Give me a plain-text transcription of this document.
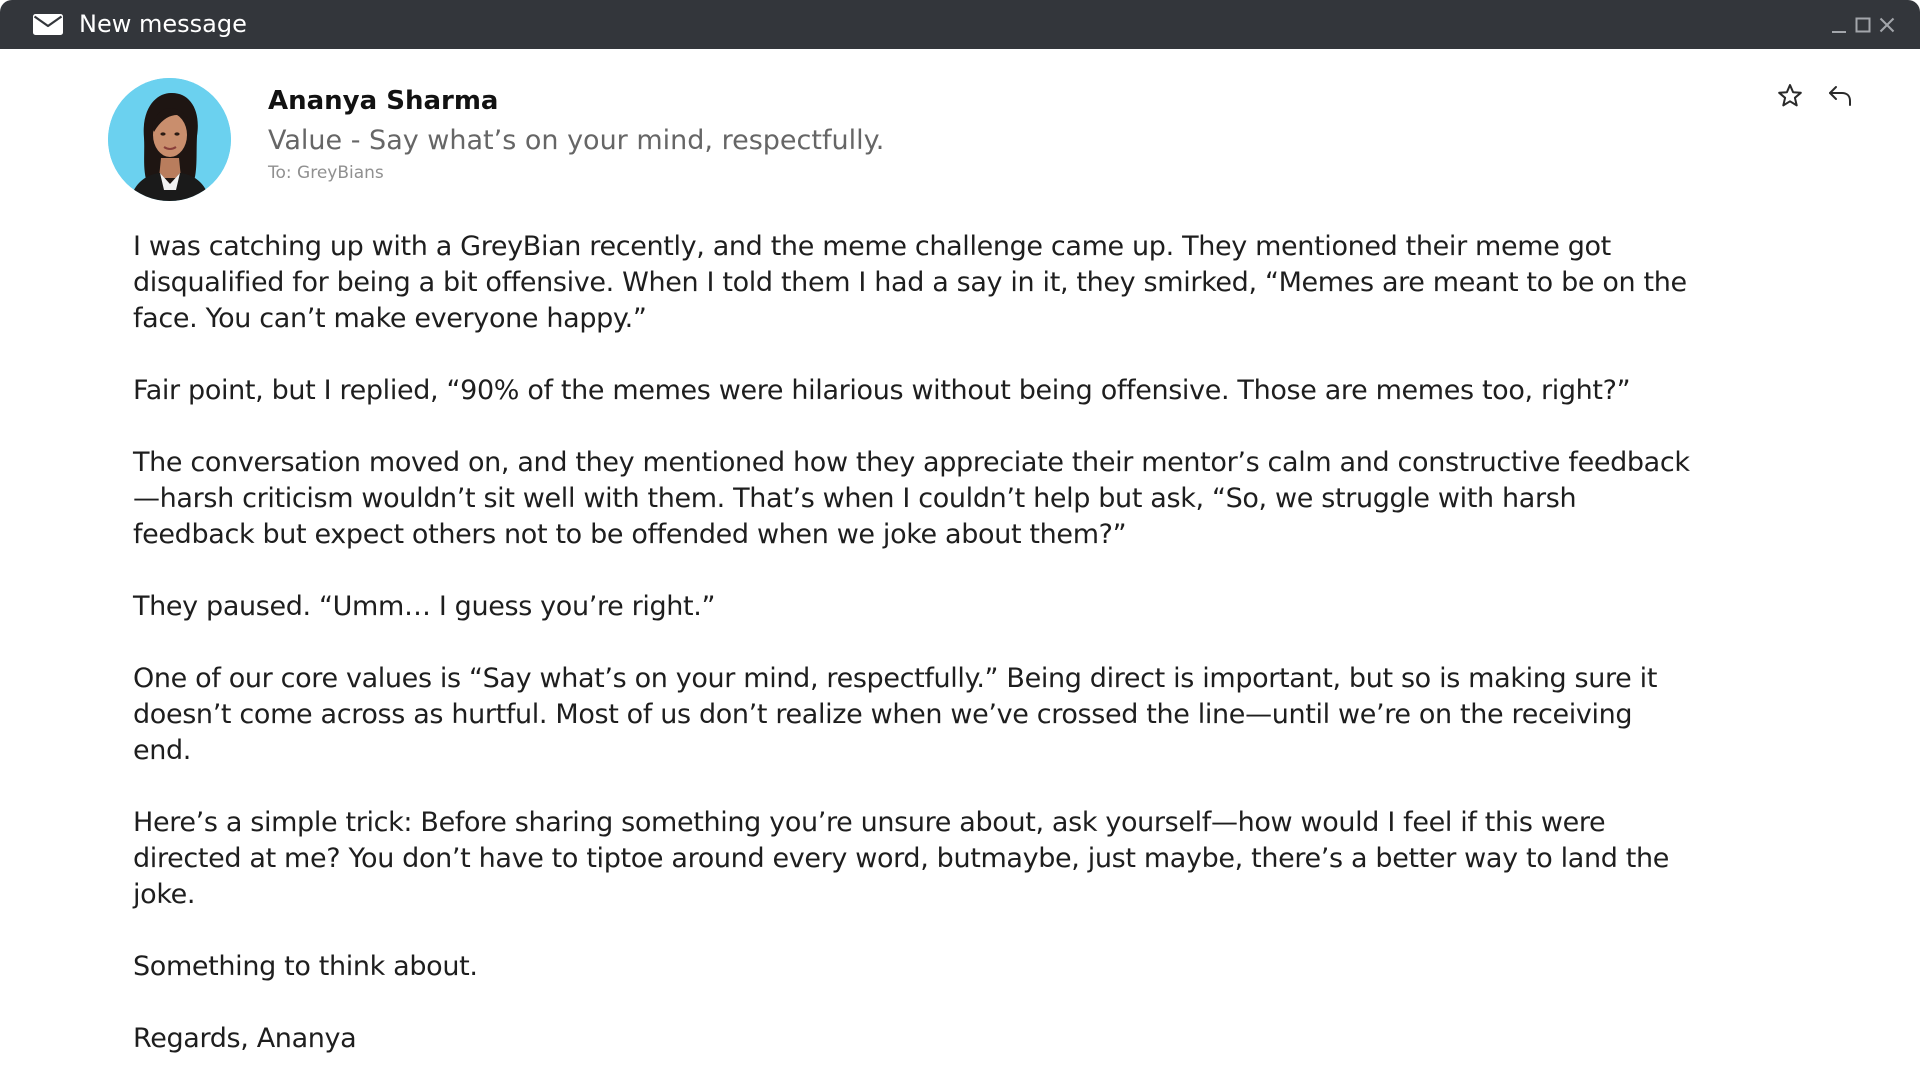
New message
Ananya Sharma
Value - Say what’s on your mind, respectfully.
To: GreyBians

I was catching up with a GreyBian recently, and the meme challenge came up. They mentioned their meme got disqualified for being a bit offensive. When I told them I had a say in it, they smirked, “Memes are meant to be on the face. You can’t make everyone happy.”

Fair point, but I replied, “90% of the memes were hilarious without being offensive. Those are memes too, right?”

The conversation moved on, and they mentioned how they appreciate their mentor’s calm and constructive feedback—harsh criticism wouldn’t sit well with them. That’s when I couldn’t help but ask, “So, we struggle with harsh feedback but expect others not to be offended when we joke about them?”

They paused. “Umm… I guess you’re right.”

One of our core values is “Say what’s on your mind, respectfully.” Being direct is important, but so is making sure it doesn’t come across as hurtful. Most of us don’t realize when we’ve crossed the line—until we’re on the receiving end.

Here’s a simple trick: Before sharing something you’re unsure about, ask yourself—how would I feel if this were directed at me? You don’t have to tiptoe around every word, butmaybe, just maybe, there’s a better way to land the joke.

Something to think about.

Regards, Ananya
